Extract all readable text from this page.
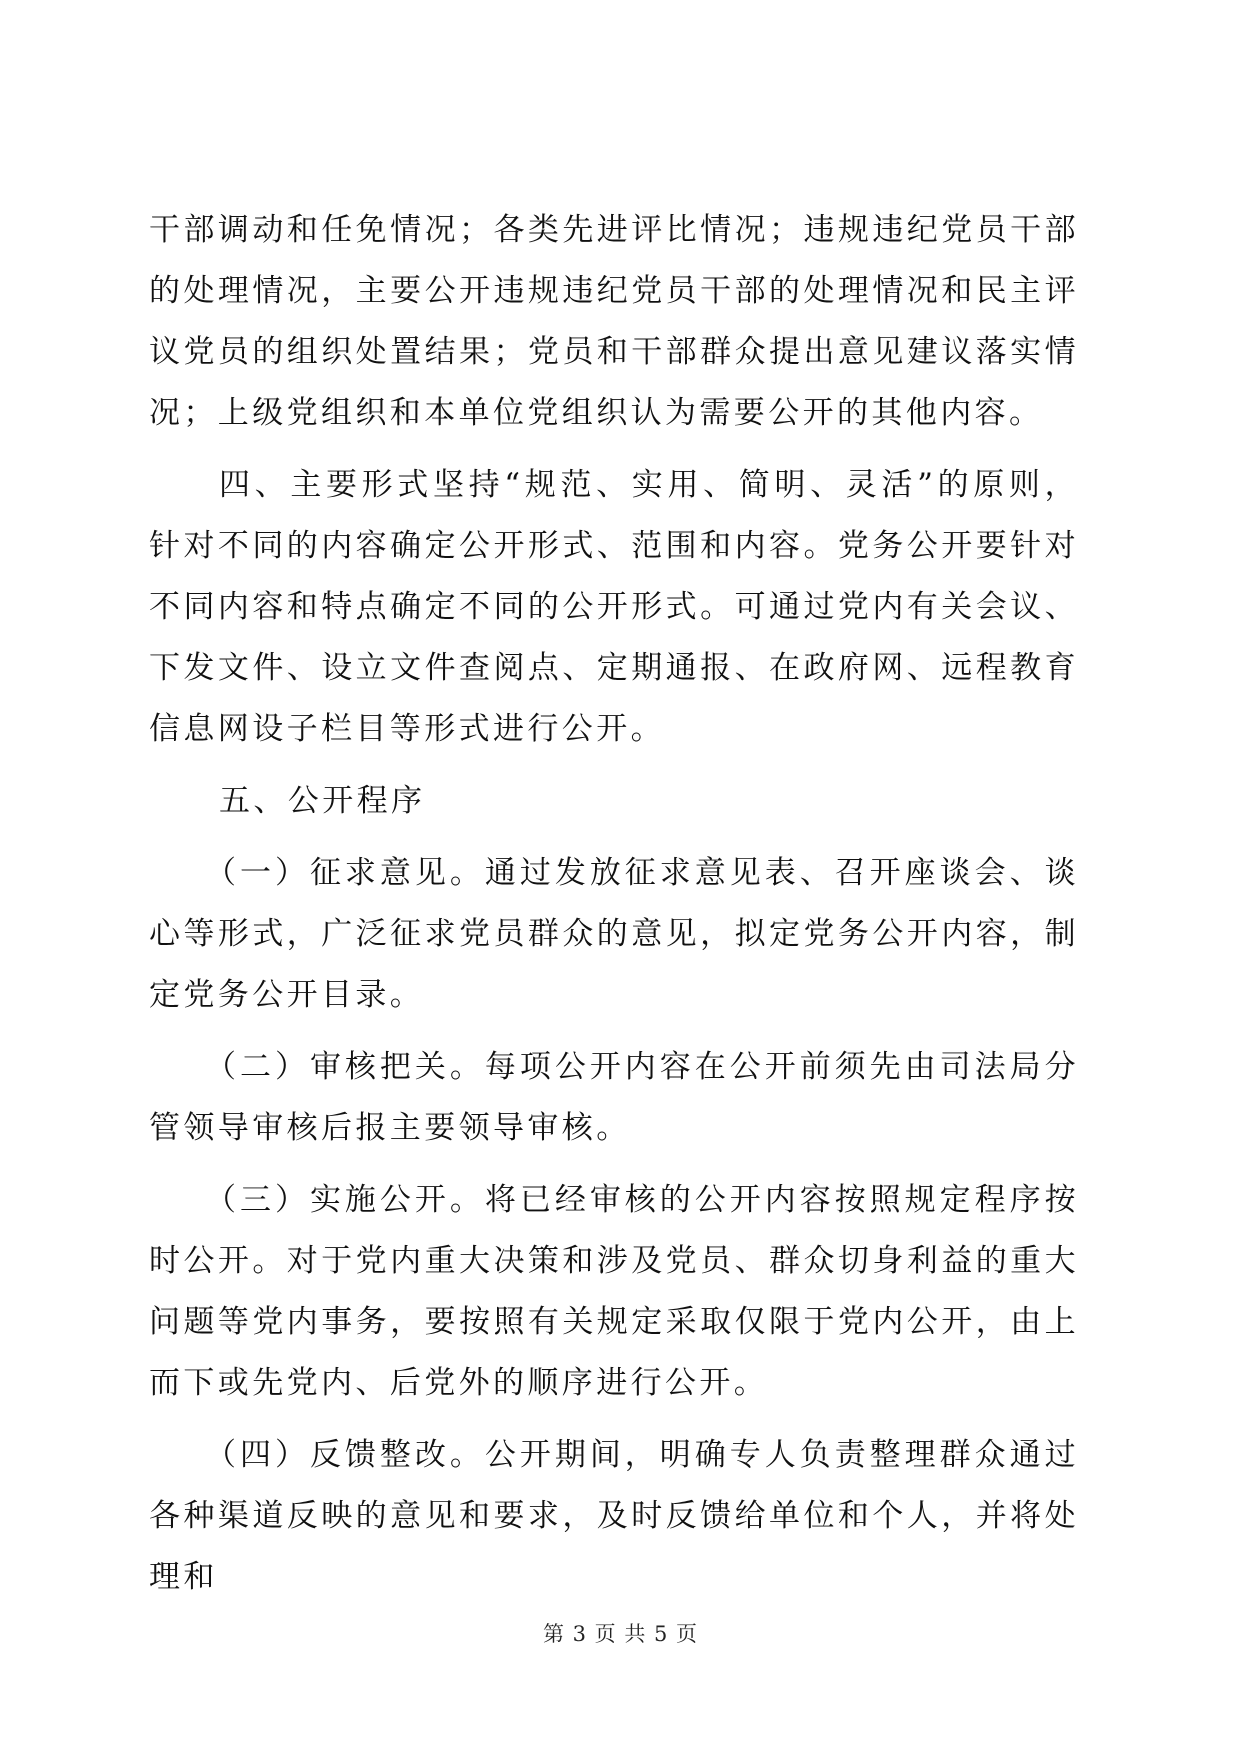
干部调动和任免情况；各类先进评比情况；违规违纪党员干部的处理情况，主要公开违规违纪党员干部的处理情况和民主评议党员的组织处置结果；党员和干部群众提出意见建议落实情况；上级党组织和本单位党组织认为需要公开的其他内容。

四、主要形式坚持“规范、实用、简明、灵活”的原则，针对不同的内容确定公开形式、范围和内容。党务公开要针对不同内容和特点确定不同的公开形式。可通过党内有关会议、下发文件、设立文件查阅点、定期通报、在政府网、远程教育信息网设子栏目等形式进行公开。

五、公开程序

（一）征求意见。通过发放征求意见表、召开座谈会、谈心等形式，广泛征求党员群众的意见，拟定党务公开内容，制定党务公开目录。

（二）审核把关。每项公开内容在公开前须先由司法局分管领导审核后报主要领导审核。

（三）实施公开。将已经审核的公开内容按照规定程序按时公开。对于党内重大决策和涉及党员、群众切身利益的重大问题等党内事务，要按照有关规定采取仅限于党内公开，由上而下或先党内、后党外的顺序进行公开。

（四）反馈整改。公开期间，明确专人负责整理群众通过各种渠道反映的意见和要求，及时反馈给单位和个人，并将处理和

第 3 页 共 5 页
